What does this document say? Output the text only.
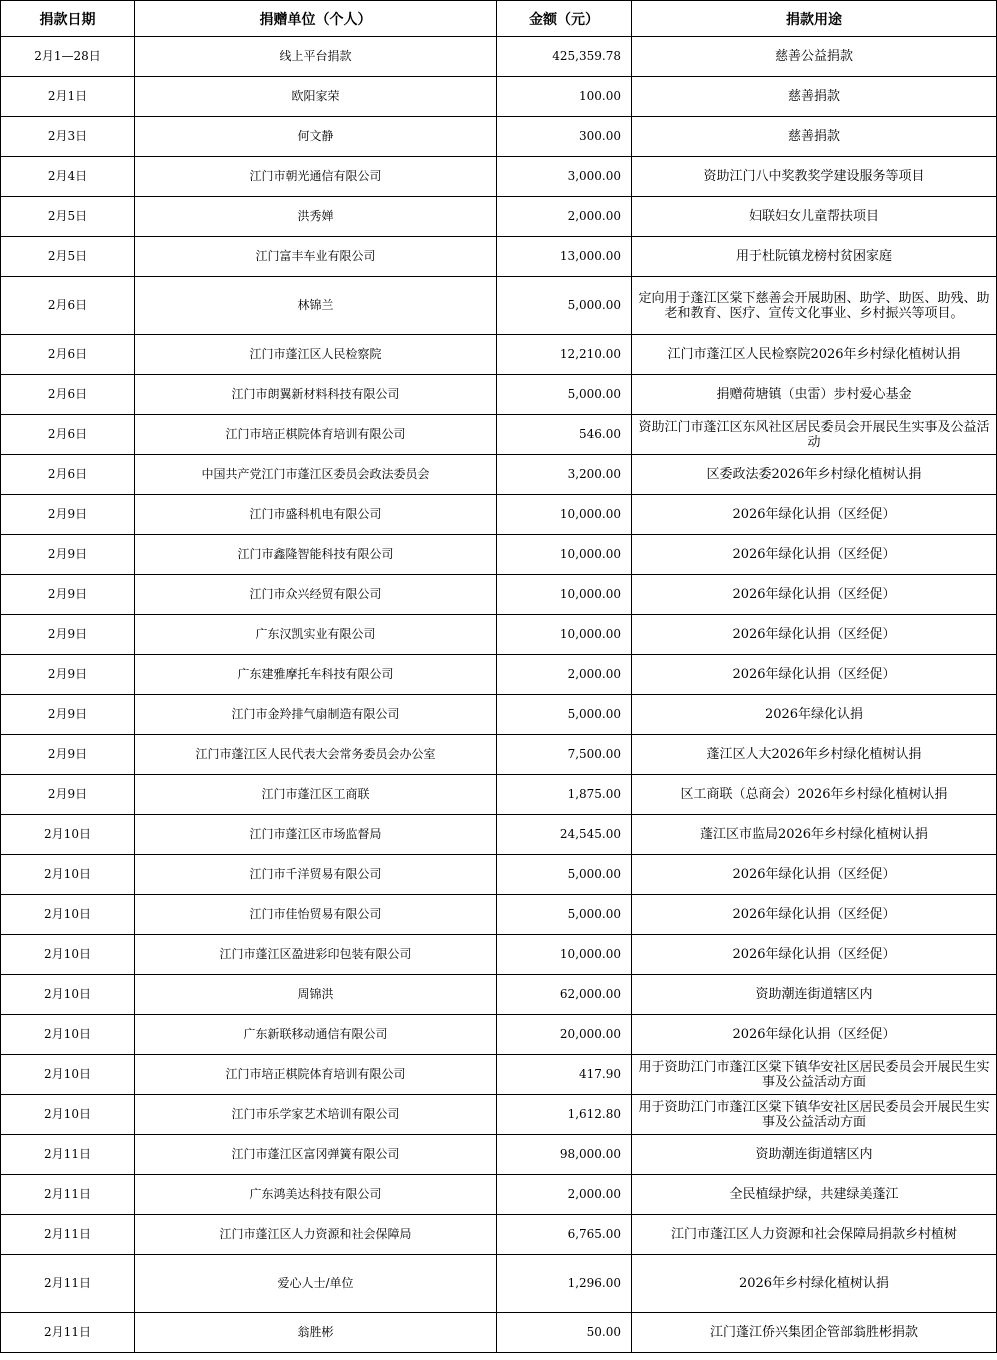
捐款日期	捐赠单位（个人）	金额（元）	捐款用途
2月1—28日	线上平台捐款	425,359.78	慈善公益捐款
2月1日	欧阳家荣	100.00	慈善捐款
2月3日	何文静	300.00	慈善捐款
2月4日	江门市朝光通信有限公司	3,000.00	资助江门八中奖教奖学建设服务等项目
2月5日	洪秀婵	2,000.00	妇联妇女儿童帮扶项目
2月5日	江门富丰车业有限公司	13,000.00	用于杜阮镇龙榜村贫困家庭
2月6日	林锦兰	5,000.00	定向用于蓬江区棠下慈善会开展助困、助学、助医、助残、助老和教育、医疗、宣传文化事业、乡村振兴等项目。
2月6日	江门市蓬江区人民检察院	12,210.00	江门市蓬江区人民检察院2026年乡村绿化植树认捐
2月6日	江门市朗翼新材料科技有限公司	5,000.00	捐赠荷塘镇（虫雷）步村爱心基金
2月6日	江门市培正棋院体育培训有限公司	546.00	资助江门市蓬江区东风社区居民委员会开展民生实事及公益活动
2月6日	中国共产党江门市蓬江区委员会政法委员会	3,200.00	区委政法委2026年乡村绿化植树认捐
2月9日	江门市盛科机电有限公司	10,000.00	2026年绿化认捐（区经促）
2月9日	江门市鑫隆智能科技有限公司	10,000.00	2026年绿化认捐（区经促）
2月9日	江门市众兴经贸有限公司	10,000.00	2026年绿化认捐（区经促）
2月9日	广东汉凯实业有限公司	10,000.00	2026年绿化认捐（区经促）
2月9日	广东建雅摩托车科技有限公司	2,000.00	2026年绿化认捐（区经促）
2月9日	江门市金羚排气扇制造有限公司	5,000.00	2026年绿化认捐
2月9日	江门市蓬江区人民代表大会常务委员会办公室	7,500.00	蓬江区人大2026年乡村绿化植树认捐
2月9日	江门市蓬江区工商联	1,875.00	区工商联（总商会）2026年乡村绿化植树认捐
2月10日	江门市蓬江区市场监督局	24,545.00	蓬江区市监局2026年乡村绿化植树认捐
2月10日	江门市千洋贸易有限公司	5,000.00	2026年绿化认捐（区经促）
2月10日	江门市佳怡贸易有限公司	5,000.00	2026年绿化认捐（区经促）
2月10日	江门市蓬江区盈进彩印包装有限公司	10,000.00	2026年绿化认捐（区经促）
2月10日	周锦洪	62,000.00	资助潮连街道辖区内
2月10日	广东新联移动通信有限公司	20,000.00	2026年绿化认捐（区经促）
2月10日	江门市培正棋院体育培训有限公司	417.90	用于资助江门市蓬江区棠下镇华安社区居民委员会开展民生实事及公益活动方面
2月10日	江门市乐学家艺术培训有限公司	1,612.80	用于资助江门市蓬江区棠下镇华安社区居民委员会开展民生实事及公益活动方面
2月11日	江门市蓬江区富冈弹簧有限公司	98,000.00	资助潮连街道辖区内
2月11日	广东鸿美达科技有限公司	2,000.00	全民植绿护绿，共建绿美蓬江
2月11日	江门市蓬江区人力资源和社会保障局	6,765.00	江门市蓬江区人力资源和社会保障局捐款乡村植树
2月11日	爱心人士/单位	1,296.00	2026年乡村绿化植树认捐
2月11日	翁胜彬	50.00	江门蓬江侨兴集团企管部翁胜彬捐款
